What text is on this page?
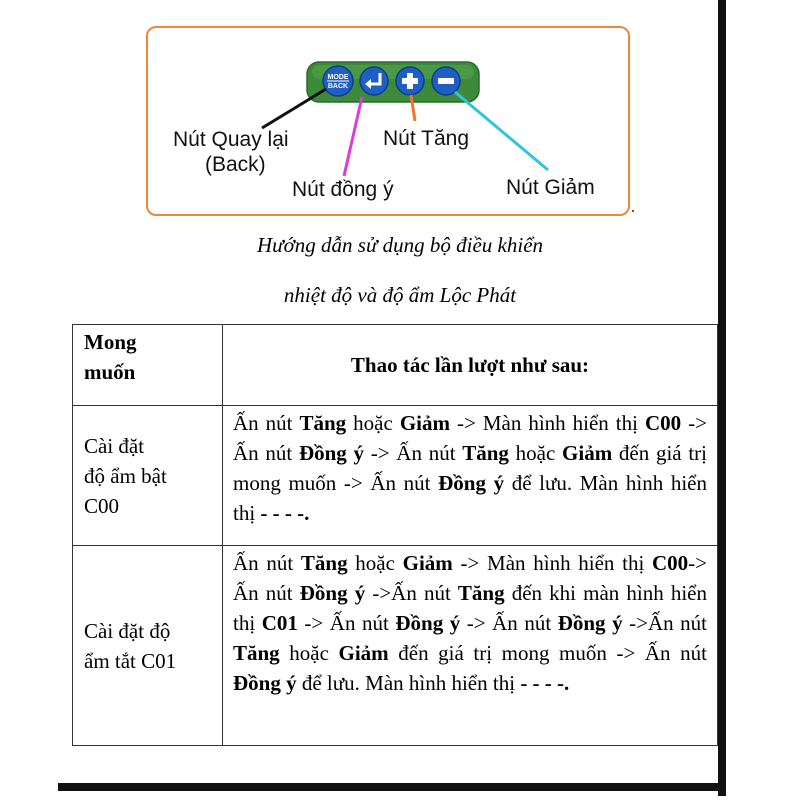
MODE
BACK
Nút Quay lại
(Back)
Nút đồng ý
Nút Tăng
Nút Giảm
Hướng dẫn sử dụng bộ điều khiển
nhiệt độ và độ ẩm Lộc Phát
Mong
muốn	Thao tác lần lượt như sau:

Cài đặt
độ ẩm bật
C00	Ấn nút Tăng hoặc Giảm -> Màn hình hiển thị C00 -> Ấn nút Đồng ý -> Ấn nút Tăng hoặc Giảm đến giá trị mong muốn -> Ấn nút Đồng ý để lưu. Màn hình hiển thị - - - -.

Cài đặt độ
ẩm tắt C01	Ấn nút Tăng hoặc Giảm -> Màn hình hiển thị C00-> Ấn nút Đồng ý ->Ấn nút Tăng đến khi màn hình hiển thị C01 -> Ấn nút Đồng ý -> Ấn nút Đồng ý ->Ấn nút Tăng hoặc Giảm đến giá trị mong muốn -> Ấn nút Đồng ý để lưu. Màn hình hiển thị - - - -.
